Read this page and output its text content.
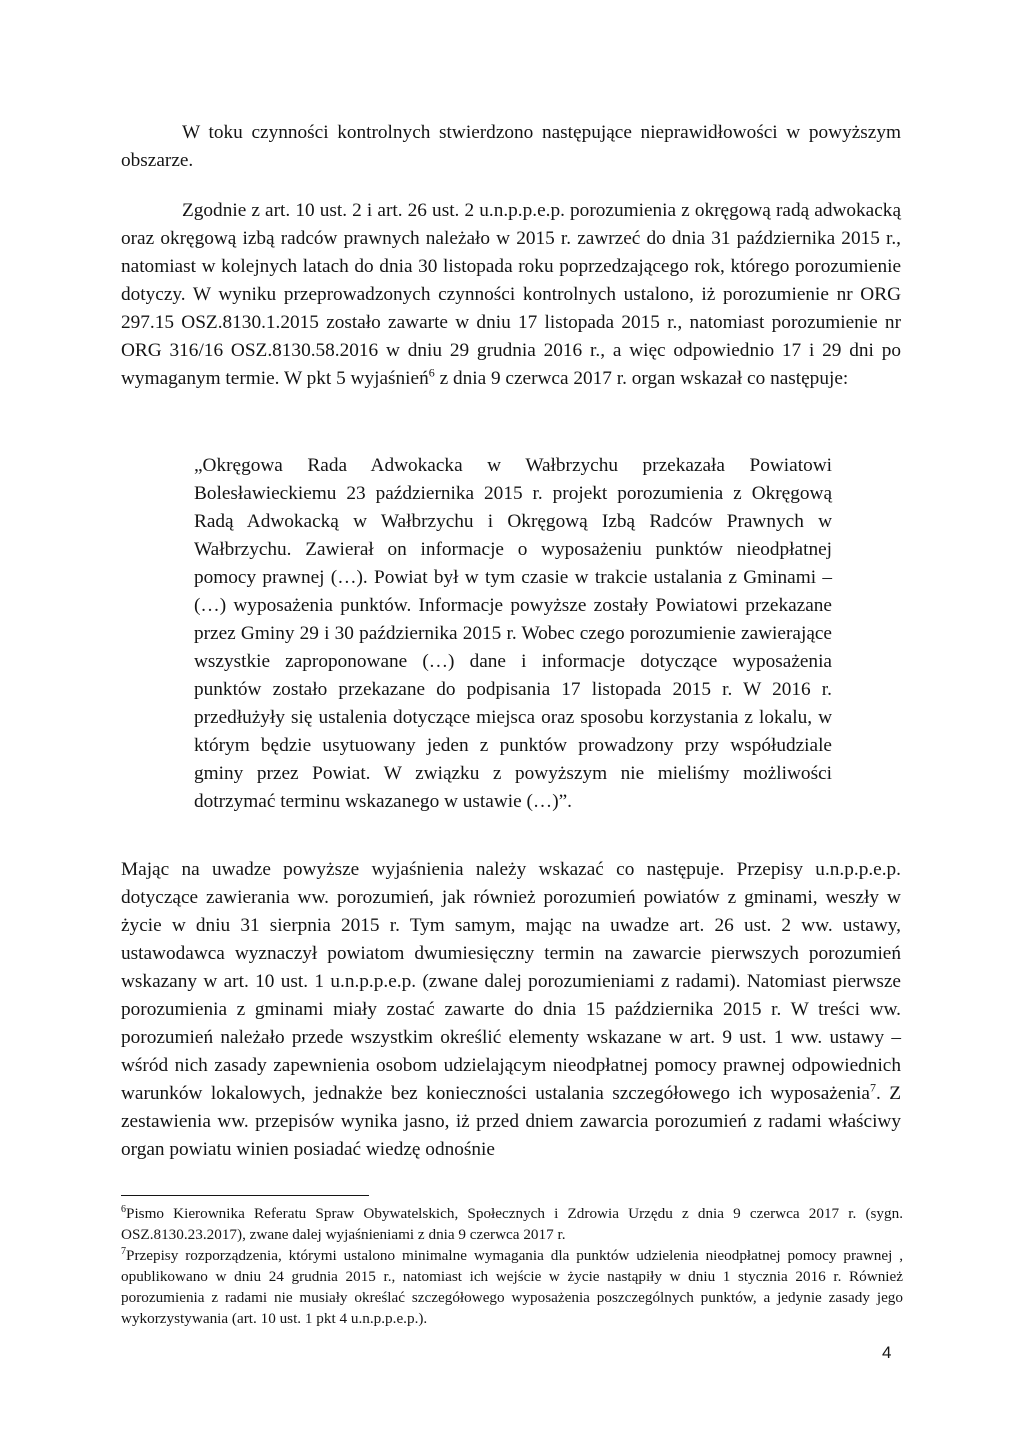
W toku czynności kontrolnych stwierdzono następujące nieprawidłowości w powyższym obszarze.

Zgodnie z art. 10 ust. 2 i art. 26 ust. 2 u.n.p.p.e.p. porozumienia z okręgową radą adwokacką oraz okręgową izbą radców prawnych należało w 2015 r. zawrzeć do dnia 31 października 2015 r., natomiast w kolejnych latach do dnia 30 listopada roku poprzedzającego rok, którego porozumienie dotyczy. W wyniku przeprowadzonych czynności kontrolnych ustalono, iż porozumienie nr ORG 297.15 OSZ.8130.1.2015 zostało zawarte w dniu 17 listopada 2015 r., natomiast porozumienie nr ORG 316/16 OSZ.8130.58.2016 w dniu 29 grudnia 2016 r., a więc odpowiednio 17 i 29 dni po wymaganym termie. W pkt 5 wyjaśnień$^6$ z dnia 9 czerwca 2017 r. organ wskazał co następuje:

„Okręgowa Rada Adwokacka w Wałbrzychu przekazała Powiatowi Bolesławieckiemu 23 października 2015 r. projekt porozumienia z Okręgową Radą Adwokacką w Wałbrzychu i Okręgową Izbą Radców Prawnych w Wałbrzychu. Zawierał on informacje o wyposażeniu punktów nieodpłatnej pomocy prawnej (…). Powiat był w tym czasie w trakcie ustalania z Gminami – (…) wyposażenia punktów. Informacje powyższe zostały Powiatowi przekazane przez Gminy 29 i 30 października 2015 r. Wobec czego porozumienie zawierające wszystkie zaproponowane (…) dane i informacje dotyczące wyposażenia punktów zostało przekazane do podpisania 17 listopada 2015 r. W 2016 r. przedłużyły się ustalenia dotyczące miejsca oraz sposobu korzystania z lokalu, w którym będzie usytuowany jeden z punktów prowadzony przy współudziale gminy przez Powiat. W związku z powyższym nie mieliśmy możliwości dotrzymać terminu wskazanego w ustawie (…)”.

Mając na uwadze powyższe wyjaśnienia należy wskazać co następuje. Przepisy u.n.p.p.e.p. dotyczące zawierania ww. porozumień, jak również porozumień powiatów z gminami, weszły w życie w dniu 31 sierpnia 2015 r. Tym samym, mając na uwadze art. 26 ust. 2 ww. ustawy, ustawodawca wyznaczył powiatom dwumiesięczny termin na zawarcie pierwszych porozumień wskazany w art. 10 ust. 1 u.n.p.p.e.p. (zwane dalej porozumieniami z radami). Natomiast pierwsze porozumienia z gminami miały zostać zawarte do dnia 15 października 2015 r. W treści ww. porozumień należało przede wszystkim określić elementy wskazane w art. 9 ust. 1 ww. ustawy – wśród nich zasady zapewnienia osobom udzielającym nieodpłatnej pomocy prawnej odpowiednich warunków lokalowych, jednakże bez konieczności ustalania szczegółowego ich wyposażenia$^7$. Z zestawienia ww. przepisów wynika jasno, iż przed dniem zawarcia porozumień z radami właściwy organ powiatu winien posiadać wiedzę odnośnie

$^6$Pismo Kierownika Referatu Spraw Obywatelskich, Społecznych i Zdrowia Urzędu z dnia 9 czerwca 2017 r. (sygn. OSZ.8130.23.2017), zwane dalej wyjaśnieniami z dnia 9 czerwca 2017 r.

$^7$Przepisy rozporządzenia, którymi ustalono minimalne wymagania dla punktów udzielenia nieodpłatnej pomocy prawnej , opublikowano w dniu 24 grudnia 2015 r., natomiast ich wejście w życie nastąpiły w dniu 1 stycznia 2016 r. Również porozumienia z radami nie musiały określać szczegółowego wyposażenia poszczególnych punktów, a jedynie zasady jego wykorzystywania (art. 10 ust. 1 pkt 4 u.n.p.p.e.p.).

4
